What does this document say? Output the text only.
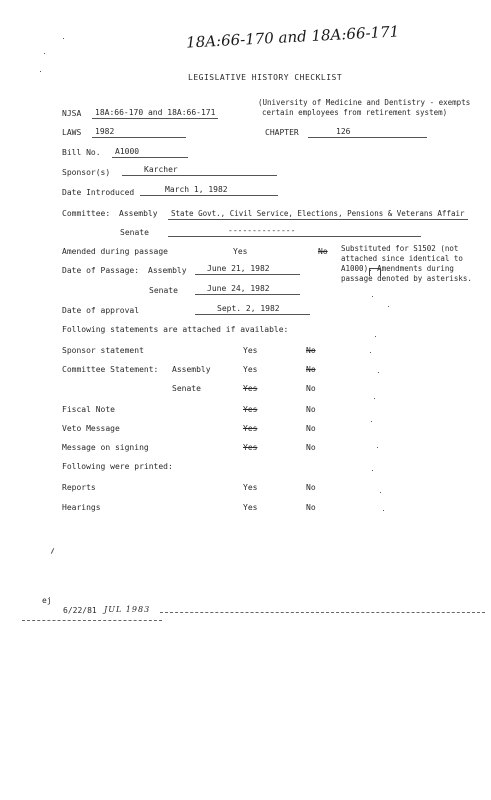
18A:66-170 and 18A:66-171
LEGISLATIVE HISTORY CHECKLIST
NJSA	18A:66-170 and 18A:66-171
(University of Medicine and Dentistry - exempts
certain employees from retirement system)
LAWS	1982	CHAPTER	126
Bill No.	A1000
Sponsor(s)	Karcher
Date Introduced	March 1, 1982
Committee: Assembly	State Govt., Civil Service, Elections, Pensions & Veterans Affair
Senate	--------------
Amended during passage	Yes	No Substituted for S1502 (not
attached since identical to
A1000). Amendments during
passage denoted by asterisks.
Date of Passage: Assembly	June 21, 1982
Senate	June 24, 1982
Date of approval	Sept. 2, 1982
Following statements are attached if available:
Sponsor statement	Yes	No
Committee Statement: Assembly	Yes	No
Senate	Yes	No
Fiscal Note	Yes	No
Veto Message	Yes	No
Message on signing	Yes	No
Following were printed:
Reports	Yes	No
Hearings	Yes	No
ej
6/22/81 JUL 1983
